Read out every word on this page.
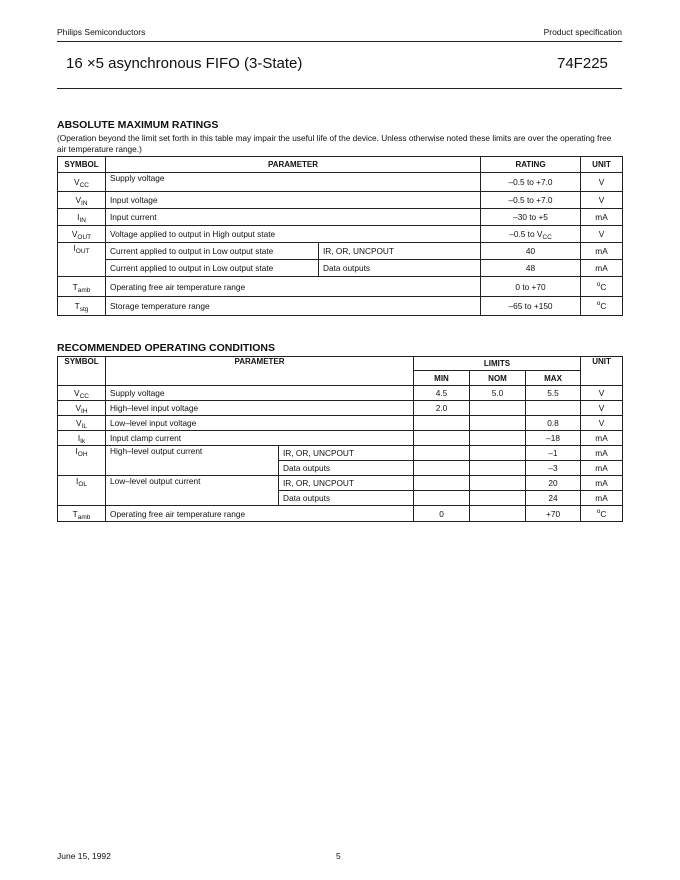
Philips Semiconductors	Product specification
16 ×5 asynchronous FIFO (3-State)	74F225
ABSOLUTE MAXIMUM RATINGS
(Operation beyond the limit set forth in this table may impair the useful life of the device. Unless otherwise noted these limits are over the operating free air temperature range.)
SYMBOL	PARAMETER		RATING	UNIT
$V_{CC}$	Supply voltage		–0.5 to +7.0	V
$V_{IN}$	Input voltage		–0.5 to +7.0	V
$I_{IN}$	Input current		–30 to +5	mA
$V_{OUT}$	Voltage applied to output in High output state		–0.5 to $V_{CC}$	V
$I_{OUT}$	Current applied to output in Low output state	IR, OR, UNCPOUT	40	mA
	Current applied to output in Low output state	Data outputs	48	mA
$T_{amb}$	Operating free air temperature range		0 to +70	$^o$C
$T_{stg}$	Storage temperature range		–65 to +150	$^o$C
RECOMMENDED OPERATING CONDITIONS
SYMBOL	PARAMETER		LIMITS			UNIT
			MIN	NOM	MAX	
$V_{CC}$	Supply voltage		4.5	5.0	5.5	V
$V_{IH}$	High–level input voltage		2.0			V
$V_{IL}$	Low–level input voltage				0.8	V
$I_{Ik}$	Input clamp current				–18	mA
$I_{OH}$	High–level output current	IR, OR, UNCPOUT			–1	mA
		Data outputs			–3	mA
$I_{OL}$	Low–level output current	IR, OR, UNCPOUT			20	mA
		Data outputs			24	mA
$T_{amb}$	Operating free air temperature range		0		+70	$^o$C
June 15, 1992	5
